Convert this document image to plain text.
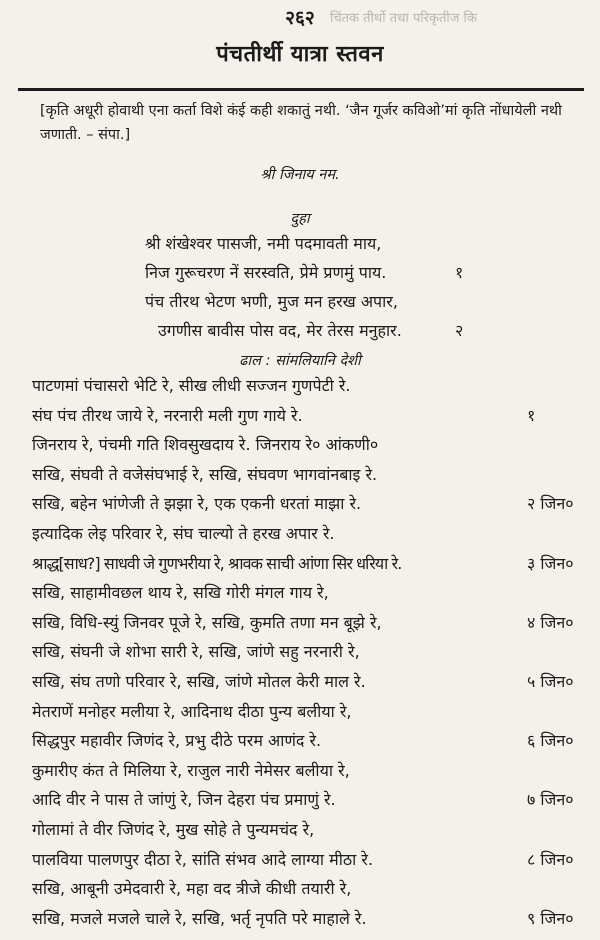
चिंतक तीर्थो तथा परिकृतीज कि
२६२
पंचतीर्थी यात्रा स्तवन
[कृति अधूरी होवाथी एना कर्ता विशे कंई कही शकातुं नथी. ‘जैन गूर्जर कविओ’मां कृति नोंधायेली नथी जणाती. – संपा.]
श्री जिनाय नम.
दुहा
श्री शंखेश्वर पासजी, नमी पदमावती माय,
निज गुरूचरण नें सरस्वति, प्रेमे प्रणमुं पाय.	१
पंच तीरथ भेटण भणी, मुज मन हरख अपार,
उगणीस बावीस पोस वद, मेर तेरस मनुहार.	२
ढाल : सांमलियानि देशी
पाटणमां पंचासरो भेटि रे, सीख लीधी सज्जन गुणपेटी रे.
संघ पंच तीरथ जाये रे, नरनारी मली गुण गाये रे.	१
जिनराय रे, पंचमी गति शिवसुखदाय रे. जिनराय रे० आंकणी०
सखि, संघवी ते वजेसंघभाई रे, सखि, संघवण भागवांनबाइ रे.
सखि, बहेन भांणेजी ते झझा रे, एक एकनी धरतां माझा रे.	२ जिन०
इत्यादिक लेइ परिवार रे, संघ चाल्यो ते हरख अपार रे.
श्राद्ध[साध?] साधवी जे गुणभरीया रे, श्रावक साची आंणा सिर धरिया रे.	३ जिन०
सखि, साहामीवछल थाय रे, सखि गोरी मंगल गाय रे,
सखि, विधि-स्युं जिनवर पूजे रे, सखि, कुमति तणा मन बूझे रे,	४ जिन०
सखि, संघनी जे शोभा सारी रे, सखि, जांणे सहु नरनारी रे,
सखि, संघ तणो परिवार रे, सखि, जांणे मोतल केरी माल रे.	५ जिन०
मेतराणें मनोहर मलीया रे, आदिनाथ दीठा पुन्य बलीया रे,
सिद्धपुर महावीर जिणंद रे, प्रभु दीठे परम आणंद रे.	६ जिन०
कुमारीए कंत ते मिलिया रे, राजुल नारी नेमेसर बलीया रे,
आदि वीर ने पास ते जांणुं रे, जिन देहरा पंच प्रमाणुं रे.	७ जिन०
गोलामां ते वीर जिणंद रे, मुख सोहे ते पुन्यमचंद रे,
पालविया पालणपुर दीठा रे, सांति संभव आदे लाग्या मीठा रे.	८ जिन०
सखि, आबूनी उमेदवारी रे, महा वद त्रीजे कीधी तयारी रे,
सखि, मजले मजले चाले रे, सखि, भर्तृ नृपति परे माहाले रे.	९ जिन०
